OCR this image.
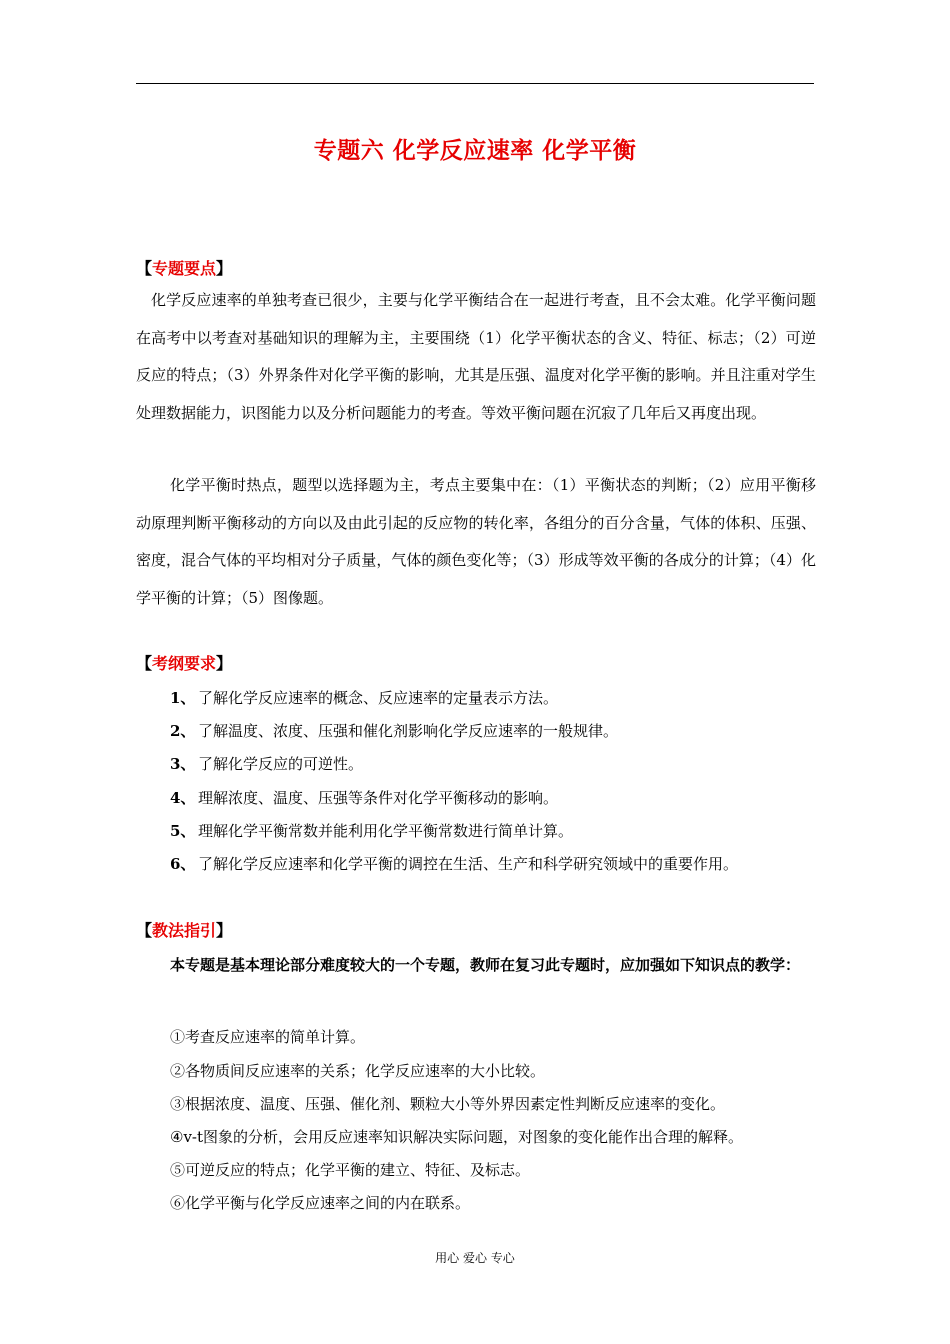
专题六 化学反应速率 化学平衡
【专题要点】
化学反应速率的单独考查已很少，主要与化学平衡结合在一起进行考查，且不会太难。化学平衡问题在高考中以考查对基础知识的理解为主，主要围绕（1）化学平衡状态的含义、特征、标志；（2）可逆反应的特点；（3）外界条件对化学平衡的影响，尤其是压强、温度对化学平衡的影响。并且注重对学生处理数据能力，识图能力以及分析问题能力的考查。等效平衡问题在沉寂了几年后又再度出现。
化学平衡时热点，题型以选择题为主，考点主要集中在：（1）平衡状态的判断；（2）应用平衡移动原理判断平衡移动的方向以及由此引起的反应物的转化率，各组分的百分含量，气体的体积、压强、密度，混合气体的平均相对分子质量，气体的颜色变化等；（3）形成等效平衡的各成分的计算；（4）化学平衡的计算；（5）图像题。
【考纲要求】
1、 了解化学反应速率的概念、反应速率的定量表示方法。
2、 了解温度、浓度、压强和催化剂影响化学反应速率的一般规律。
3、 了解化学反应的可逆性。
4、 理解浓度、温度、压强等条件对化学平衡移动的影响。
5、 理解化学平衡常数并能利用化学平衡常数进行简单计算。
6、 了解化学反应速率和化学平衡的调控在生活、生产和科学研究领域中的重要作用。
【教法指引】
本专题是基本理论部分难度较大的一个专题，教师在复习此专题时，应加强如下知识点的教学：
①考查反应速率的简单计算。
②各物质间反应速率的关系；化学反应速率的大小比较。
③根据浓度、温度、压强、催化剂、颗粒大小等外界因素定性判断反应速率的变化。
④v-t图象的分析，会用反应速率知识解决实际问题，对图象的变化能作出合理的解释。
⑤可逆反应的特点；化学平衡的建立、特征、及标志。
⑥化学平衡与化学反应速率之间的内在联系。
用心 爱心 专心
